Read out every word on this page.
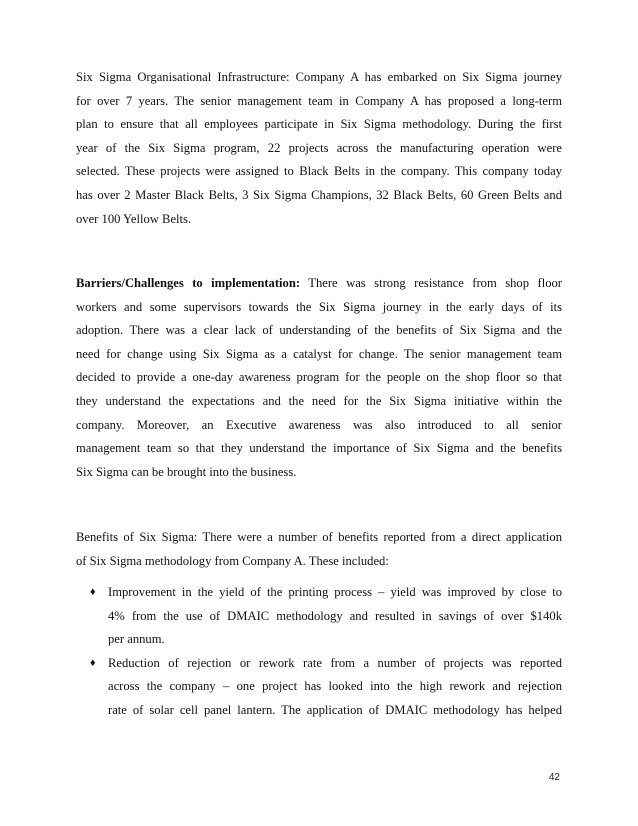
Six Sigma Organisational Infrastructure: Company A has embarked on Six Sigma journey
for over 7 years. The senior management team in Company A has proposed a long-term
plan to ensure that all employees participate in Six Sigma methodology. During the first
year of the Six Sigma program, 22 projects across the manufacturing operation were
selected. These projects were assigned to Black Belts in the company. This company today
has over 2 Master Black Belts, 3 Six Sigma Champions, 32 Black Belts, 60 Green Belts and
over 100 Yellow Belts.
Barriers/Challenges to implementation: There was strong resistance from shop floor
workers and some supervisors towards the Six Sigma journey in the early days of its
adoption. There was a clear lack of understanding of the benefits of Six Sigma and the
need for change using Six Sigma as a catalyst for change. The senior management team
decided to provide a one-day awareness program for the people on the shop floor so that
they understand the expectations and the need for the Six Sigma initiative within the
company. Moreover, an Executive awareness was also introduced to all senior
management team so that they understand the importance of Six Sigma and the benefits
Six Sigma can be brought into the business.
Benefits of Six Sigma: There were a number of benefits reported from a direct application
of Six Sigma methodology from Company A. These included:
♦ Improvement in the yield of the printing process – yield was improved by close to
4% from the use of DMAIC methodology and resulted in savings of over $140k
per annum.
♦ Reduction of rejection or rework rate from a number of projects was reported
across the company – one project has looked into the high rework and rejection
rate of solar cell panel lantern. The application of DMAIC methodology has helped
42
